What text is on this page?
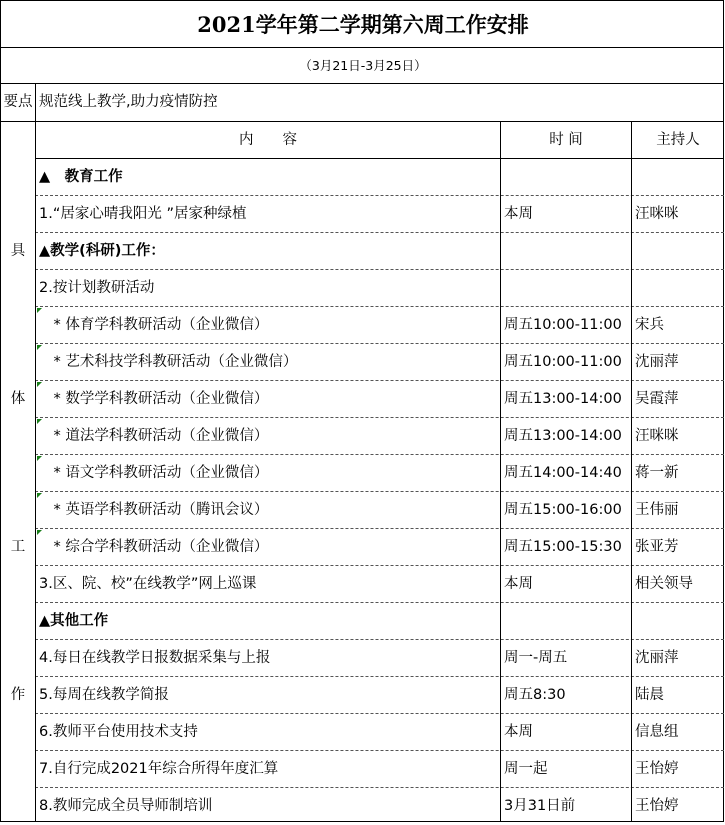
2021学年第二学期第六周工作安排
（3月21日-3月25日）
要点 规范线上教学,助力疫情防控
内　　容	时 间	主持人
具
体
工
作
▲　教育工作
1.“居家心晴我阳光 ”居家种绿植	本周	汪咪咪
▲教学(科研)工作：
2.按计划教研活动
　* 体育学科教研活动（企业微信）	周五10:00-11:00 宋兵
　* 艺术科技学科教研活动（企业微信）	周五10:00-11:00 沈丽萍
　* 数学学科教研活动（企业微信）	周五13:00-14:00 吴霞萍
　* 道法学科教研活动（企业微信）	周五13:00-14:00 汪咪咪
　* 语文学科教研活动（企业微信）	周五14:00-14:40 蒋一新
　* 英语学科教研活动（腾讯会议）	周五15:00-16:00 王伟丽
　* 综合学科教研活动（企业微信）	周五15:00-15:30 张亚芳
3.区、院、校”在线教学”网上巡课	本周	相关领导
▲其他工作
4.每日在线教学日报数据采集与上报	周一-周五	沈丽萍
5.每周在线教学简报	周五8:30	陆晨
6.教师平台使用技术支持	本周	信息组
7.自行完成2021年综合所得年度汇算	周一起	王怡婷
8.教师完成全员导师制培训	3月31日前	王怡婷
